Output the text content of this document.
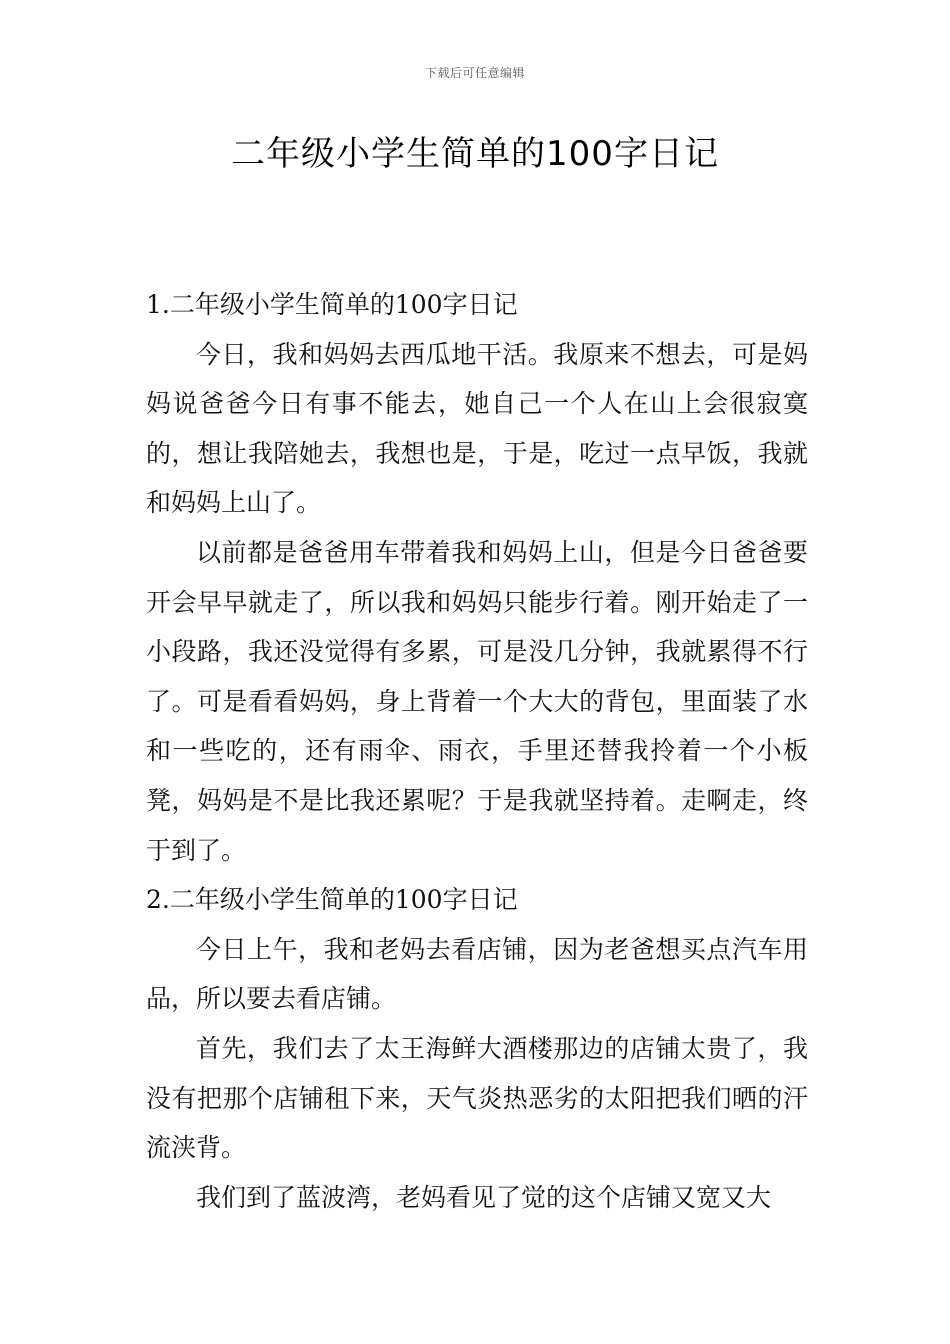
下载后可任意编辑
二年级小学生简单的100字日记

1.二年级小学生简单的100字日记

今日，我和妈妈去西瓜地干活。我原来不想去，可是妈妈说爸爸今日有事不能去，她自己一个人在山上会很寂寞的，想让我陪她去，我想也是，于是，吃过一点早饭，我就和妈妈上山了。

以前都是爸爸用车带着我和妈妈上山，但是今日爸爸要开会早早就走了，所以我和妈妈只能步行着。刚开始走了一小段路，我还没觉得有多累，可是没几分钟，我就累得不行了。可是看看妈妈，身上背着一个大大的背包，里面装了水和一些吃的，还有雨伞、雨衣，手里还替我拎着一个小板凳，妈妈是不是比我还累呢？于是我就坚持着。走啊走，终于到了。

2.二年级小学生简单的100字日记

今日上午，我和老妈去看店铺，因为老爸想买点汽车用品，所以要去看店铺。

首先，我们去了太王海鲜大酒楼那边的店铺太贵了，我没有把那个店铺租下来，天气炎热恶劣的太阳把我们晒的汗流浃背。

我们到了蓝波湾，老妈看见了觉的这个店铺又宽又大
